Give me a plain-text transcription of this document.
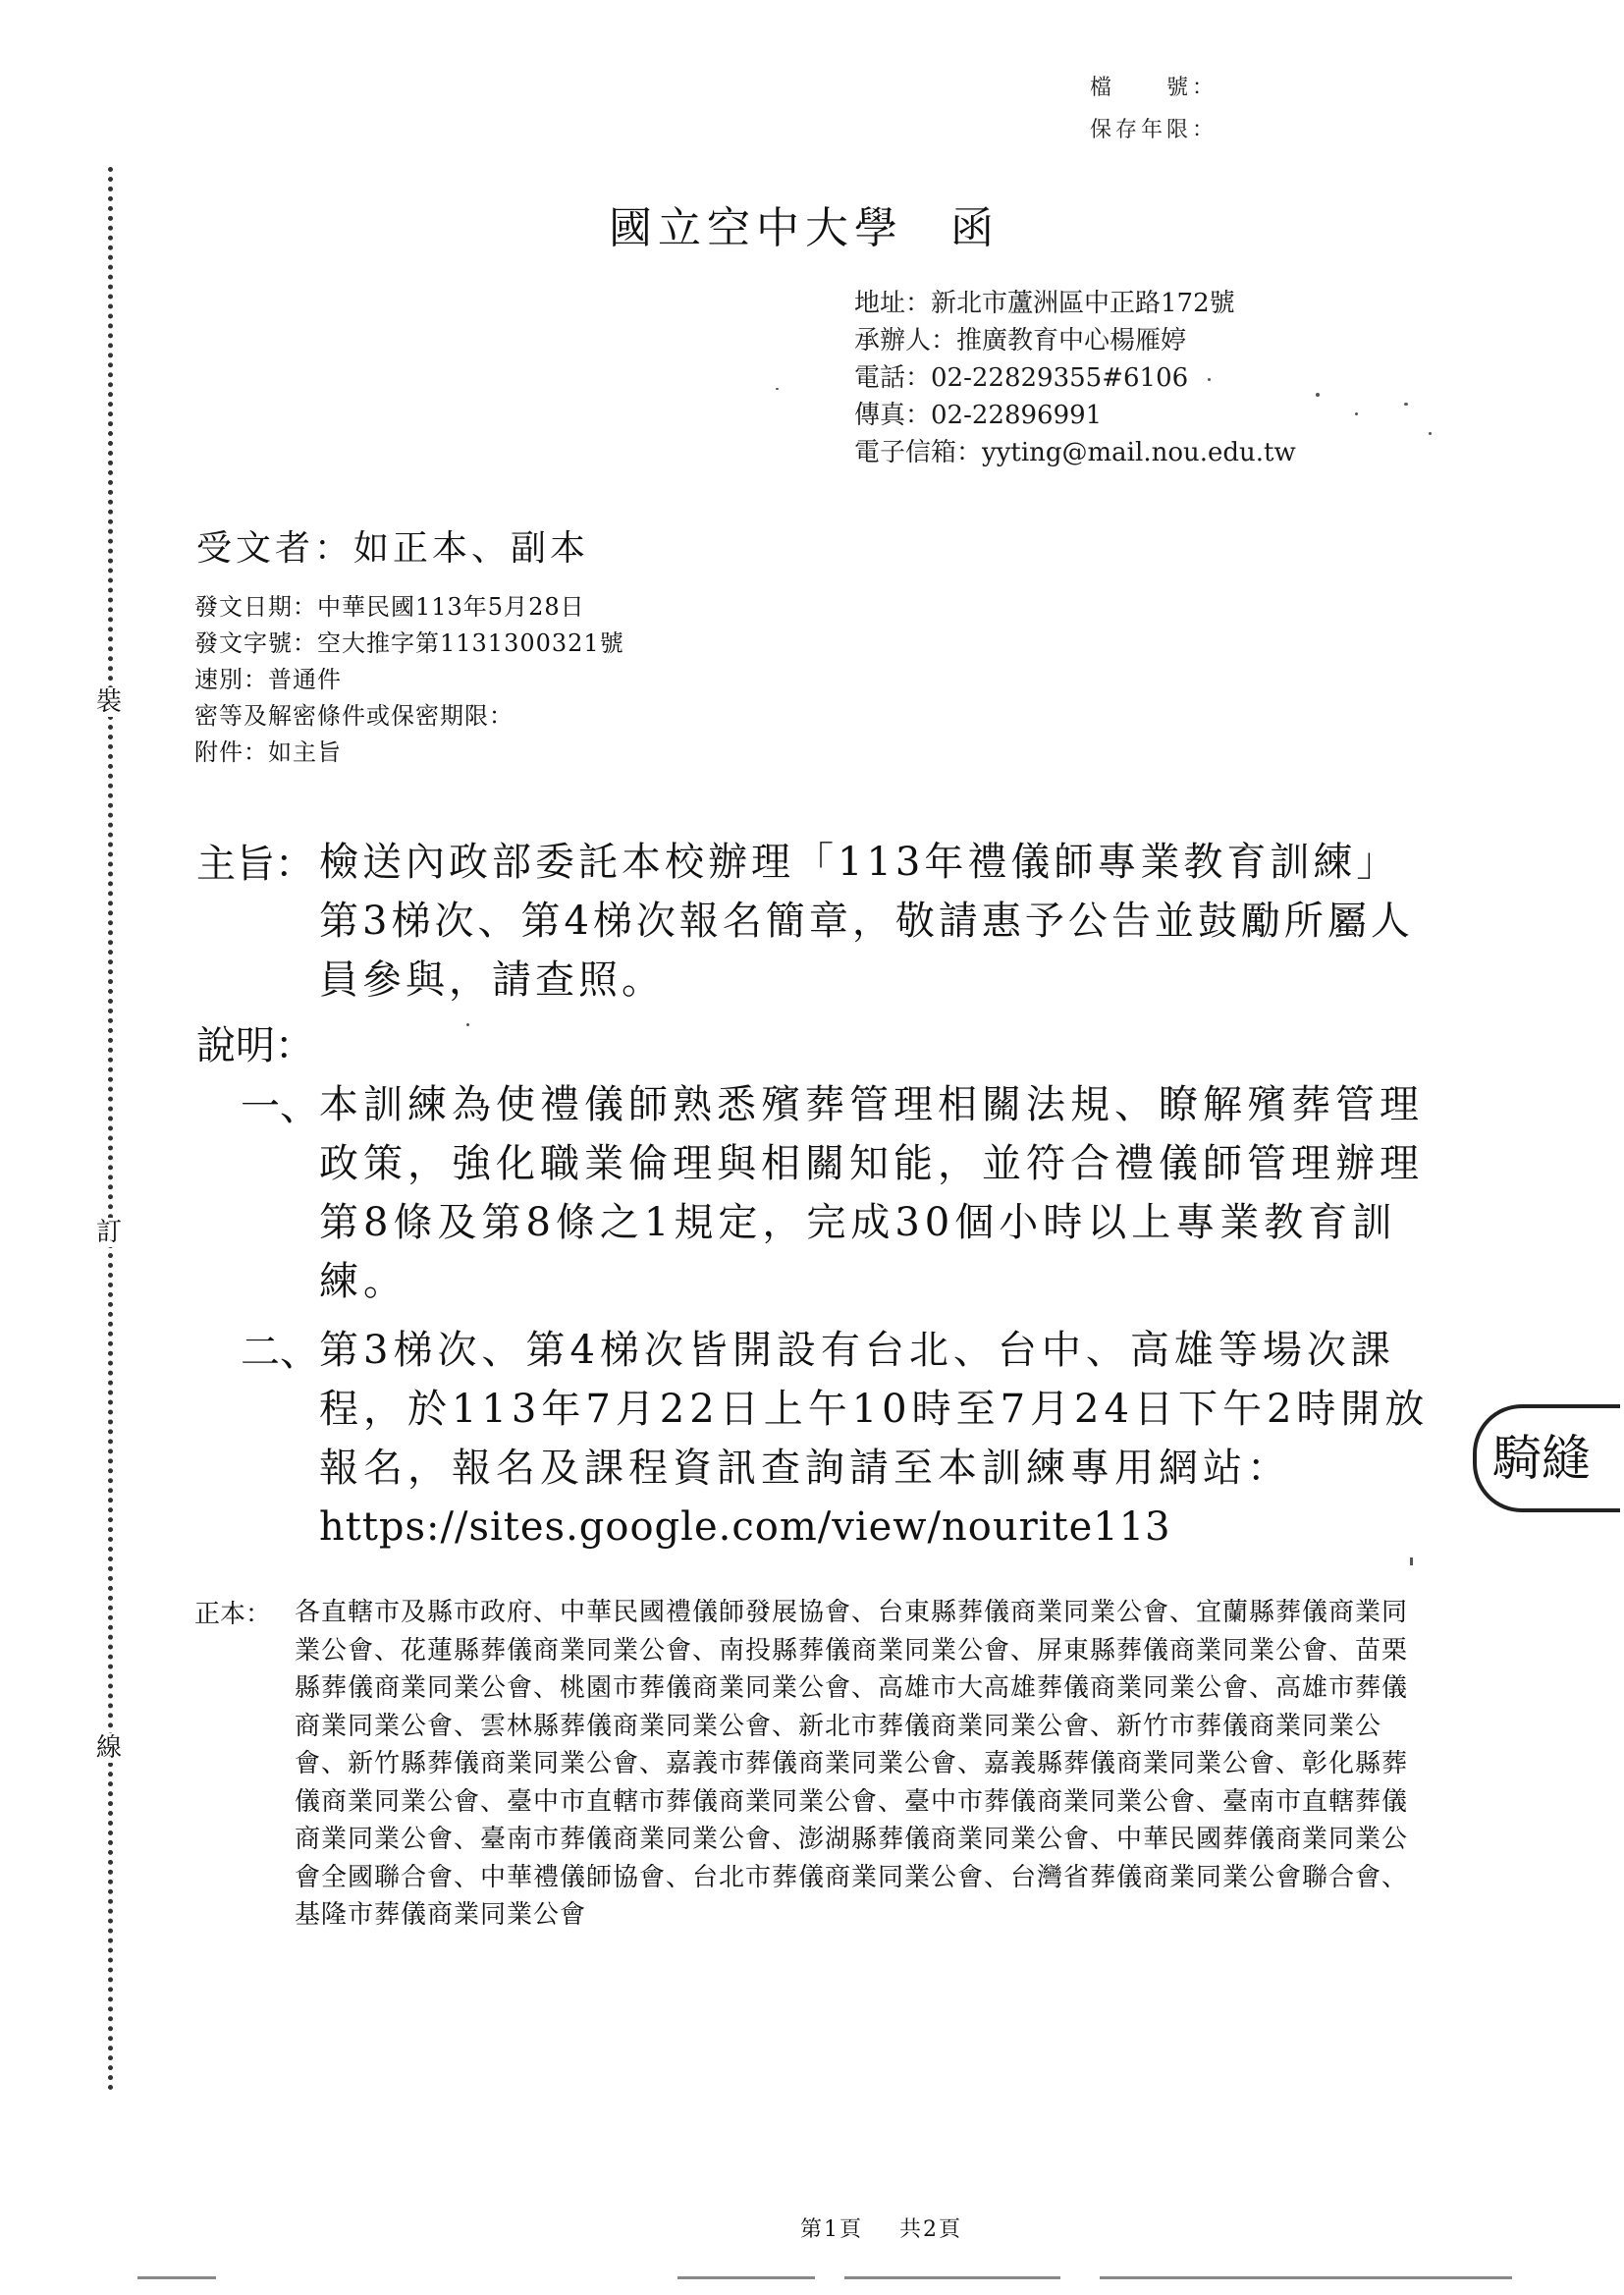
裝
訂
線
檔　　號：
保存年限：
國立空中大學 函
地址：新北市蘆洲區中正路172號
承辦人：推廣教育中心楊雁婷
電話：02-22829355#6106
傳真：02-22896991
電子信箱：yyting@mail.nou.edu.tw
受文者：如正本、副本
發文日期：中華民國113年5月28日
發文字號：空大推字第1131300321號
速別：普通件
密等及解密條件或保密期限：
附件：如主旨
主旨： 檢送內政部委託本校辦理「113年禮儀師專業教育訓練」第3梯次、第4梯次報名簡章，敬請惠予公告並鼓勵所屬人員參與，請查照。
說明：
一、 本訓練為使禮儀師熟悉殯葬管理相關法規、瞭解殯葬管理政策，強化職業倫理與相關知能，並符合禮儀師管理辦理第8條及第8條之1規定，完成30個小時以上專業教育訓練。
二、 第3梯次、第4梯次皆開設有台北、台中、高雄等場次課程，於113年7月22日上午10時至7月24日下午2時開放報名，報名及課程資訊查詢請至本訓練專用網站：
https://sites.google.com/view/nourite113
正本： 各直轄市及縣市政府、中華民國禮儀師發展協會、台東縣葬儀商業同業公會、宜蘭縣葬儀商業同業公會、花蓮縣葬儀商業同業公會、南投縣葬儀商業同業公會、屏東縣葬儀商業同業公會、苗栗縣葬儀商業同業公會、桃園市葬儀商業同業公會、高雄市大高雄葬儀商業同業公會、高雄市葬儀商業同業公會、雲林縣葬儀商業同業公會、新北市葬儀商業同業公會、新竹市葬儀商業同業公會、新竹縣葬儀商業同業公會、嘉義市葬儀商業同業公會、嘉義縣葬儀商業同業公會、彰化縣葬儀商業同業公會、臺中市直轄市葬儀商業同業公會、臺中市葬儀商業同業公會、臺南市直轄葬儀商業同業公會、臺南市葬儀商業同業公會、澎湖縣葬儀商業同業公會、中華民國葬儀商業同業公會全國聯合會、中華禮儀師協會、台北市葬儀商業同業公會、台灣省葬儀商業同業公會聯合會、基隆市葬儀商業同業公會
騎縫
第1頁 共2頁
